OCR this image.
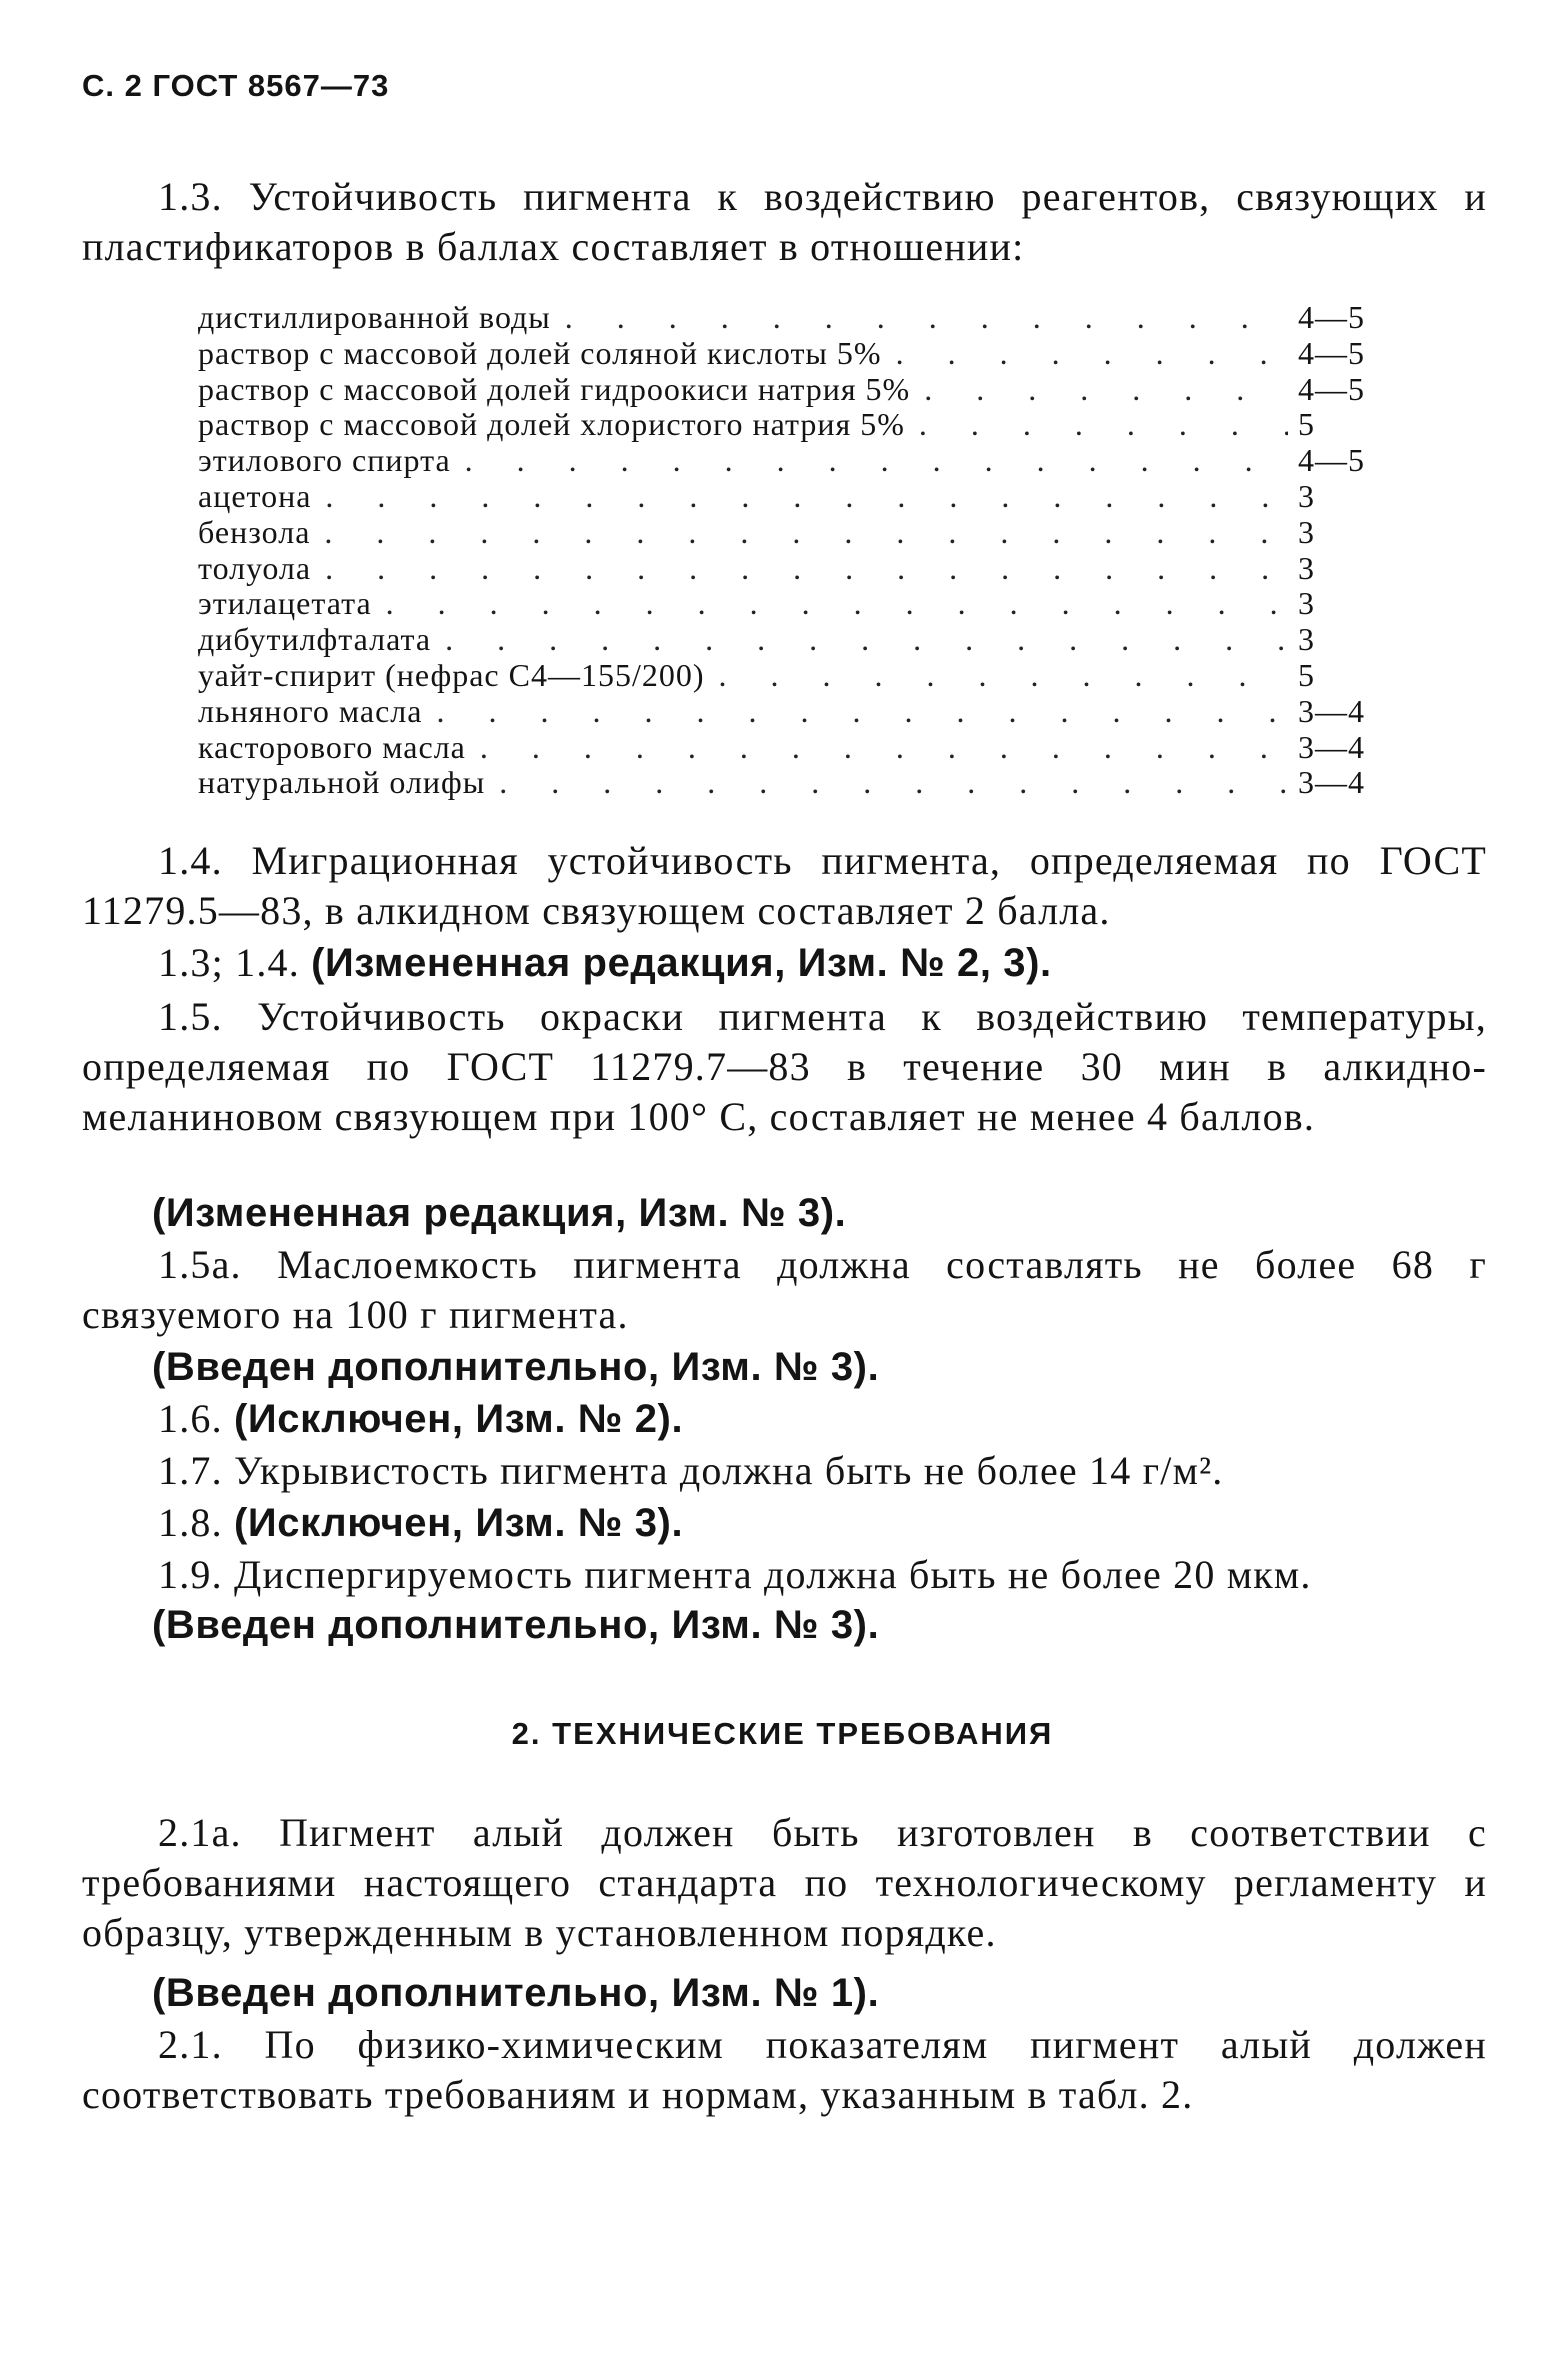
С. 2 ГОСТ 8567—73
1.3. Устойчивость пигмента к воздействию реагентов, связующих и пластификаторов в баллах составляет в отношении:
дистиллированной воды . . .	4—5
раствор с массовой долей соляной кислоты 5% . . .	4—5
раствор с массовой долей гидроокиси натрия 5% . . .	4—5
раствор с массовой долей хлористого натрия 5% . . .	5
этилового спирта . . .	4—5
ацетона . . .	3
бензола . . .	3
толуола . . .	3
этилацетата . . .	3
дибутилфталата . . .	3
уайт-спирит (нефрас С4—155/200) . . .	5
льняного масла . . .	3—4
касторового масла . . .	3—4
натуральной олифы . . .	3—4
1.4. Миграционная устойчивость пигмента, определяемая по ГОСТ 11279.5—83, в алкидном связующем составляет 2 балла.
1.3; 1.4. (Измененная редакция, Изм. № 2, 3).
1.5. Устойчивость окраски пигмента к воздействию температуры, определяемая по ГОСТ 11279.7—83 в течение 30 мин в алкидно-меланиновом связующем при 100° С, составляет не менее 4 баллов.
(Измененная редакция, Изм. № 3).
1.5а. Маслоемкость пигмента должна составлять не более 68 г связуемого на 100 г пигмента.
(Введен дополнительно, Изм. № 3).
1.6. (Исключен, Изм. № 2).
1.7. Укрывистость пигмента должна быть не более 14 г/м².
1.8. (Исключен, Изм. № 3).
1.9. Диспергируемость пигмента должна быть не более 20 мкм.
(Введен дополнительно, Изм. № 3).
2. ТЕХНИЧЕСКИЕ ТРЕБОВАНИЯ
2.1а. Пигмент алый должен быть изготовлен в соответствии с требованиями настоящего стандарта по технологическому регламенту и образцу, утвержденным в установленном порядке.
(Введен дополнительно, Изм. № 1).
2.1. По физико-химическим показателям пигмент алый должен соответствовать требованиям и нормам, указанным в табл. 2.
